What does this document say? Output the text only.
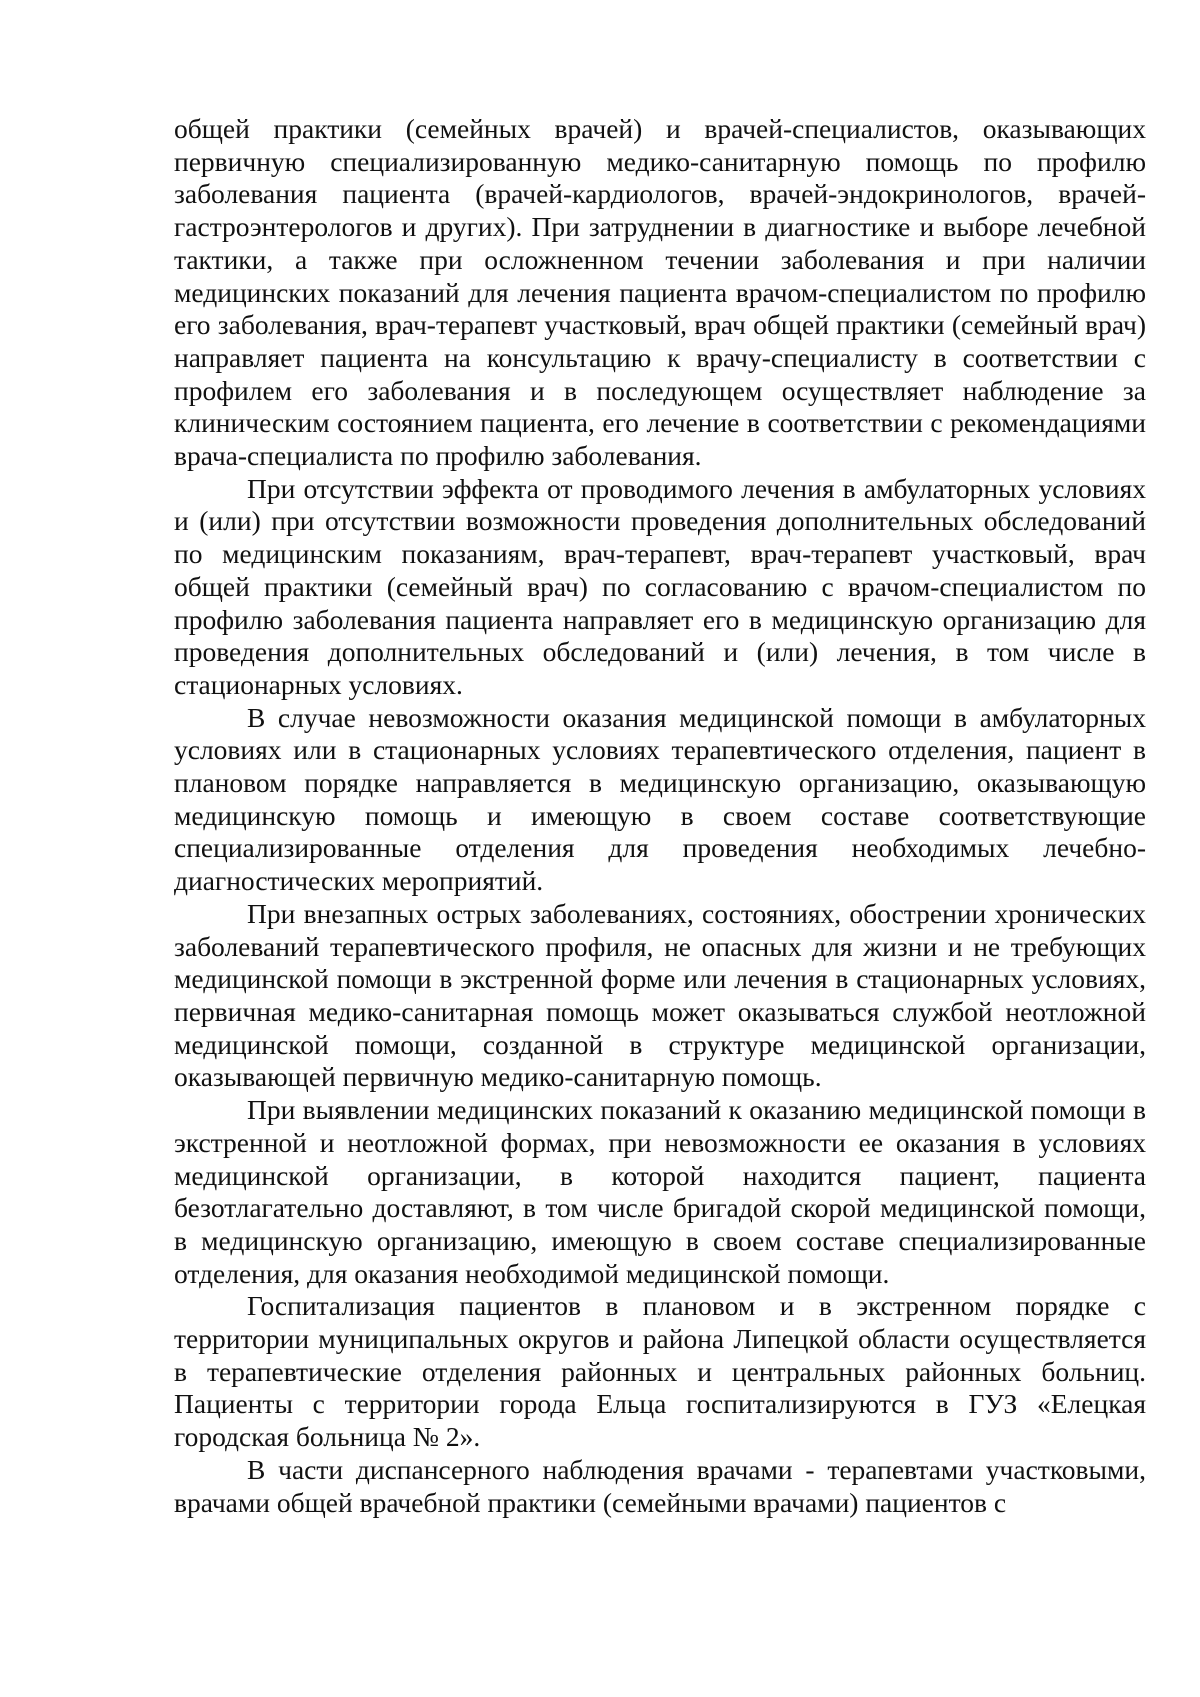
общей практики (семейных врачей) и врачей-специалистов, оказывающих первичную специализированную медико-санитарную помощь по профилю заболевания пациента (врачей-кардиологов, врачей-эндокринологов, врачей-гастроэнтерологов и других). При затруднении в диагностике и выборе лечебной тактики, а также при осложненном течении заболевания и при наличии медицинских показаний для лечения пациента врачом-специалистом по профилю его заболевания, врач-терапевт участковый, врач общей практики (семейный врач) направляет пациента на консультацию к врачу-специалисту в соответствии с профилем его заболевания и в последующем осуществляет наблюдение за клиническим состоянием пациента, его лечение в соответствии с рекомендациями врача-специалиста по профилю заболевания.

При отсутствии эффекта от проводимого лечения в амбулаторных условиях и (или) при отсутствии возможности проведения дополнительных обследований по медицинским показаниям, врач-терапевт, врач-терапевт участковый, врач общей практики (семейный врач) по согласованию с врачом-специалистом по профилю заболевания пациента направляет его в медицинскую организацию для проведения дополнительных обследований и (или) лечения, в том числе в стационарных условиях.

В случае невозможности оказания медицинской помощи в амбулаторных условиях или в стационарных условиях терапевтического отделения, пациент в плановом порядке направляется в медицинскую организацию, оказывающую медицинскую помощь и имеющую в своем составе соответствующие специализированные отделения для проведения необходимых лечебно-диагностических мероприятий.

При внезапных острых заболеваниях, состояниях, обострении хронических заболеваний терапевтического профиля, не опасных для жизни и не требующих медицинской помощи в экстренной форме или лечения в стационарных условиях, первичная медико-санитарная помощь может оказываться службой неотложной медицинской помощи, созданной в структуре медицинской организации, оказывающей первичную медико-санитарную помощь.

При выявлении медицинских показаний к оказанию медицинской помощи в экстренной и неотложной формах, при невозможности ее оказания в условиях медицинской организации, в которой находится пациент, пациента безотлагательно доставляют, в том числе бригадой скорой медицинской помощи, в медицинскую организацию, имеющую в своем составе специализированные отделения, для оказания необходимой медицинской помощи.

Госпитализация пациентов в плановом и в экстренном порядке с территории муниципальных округов и района Липецкой области осуществляется в терапевтические отделения районных и центральных районных больниц. Пациенты с территории города Ельца госпитализируются в ГУЗ «Елецкая городская больница № 2».

В части диспансерного наблюдения врачами - терапевтами участковыми, врачами общей врачебной практики (семейными врачами) пациентов с
